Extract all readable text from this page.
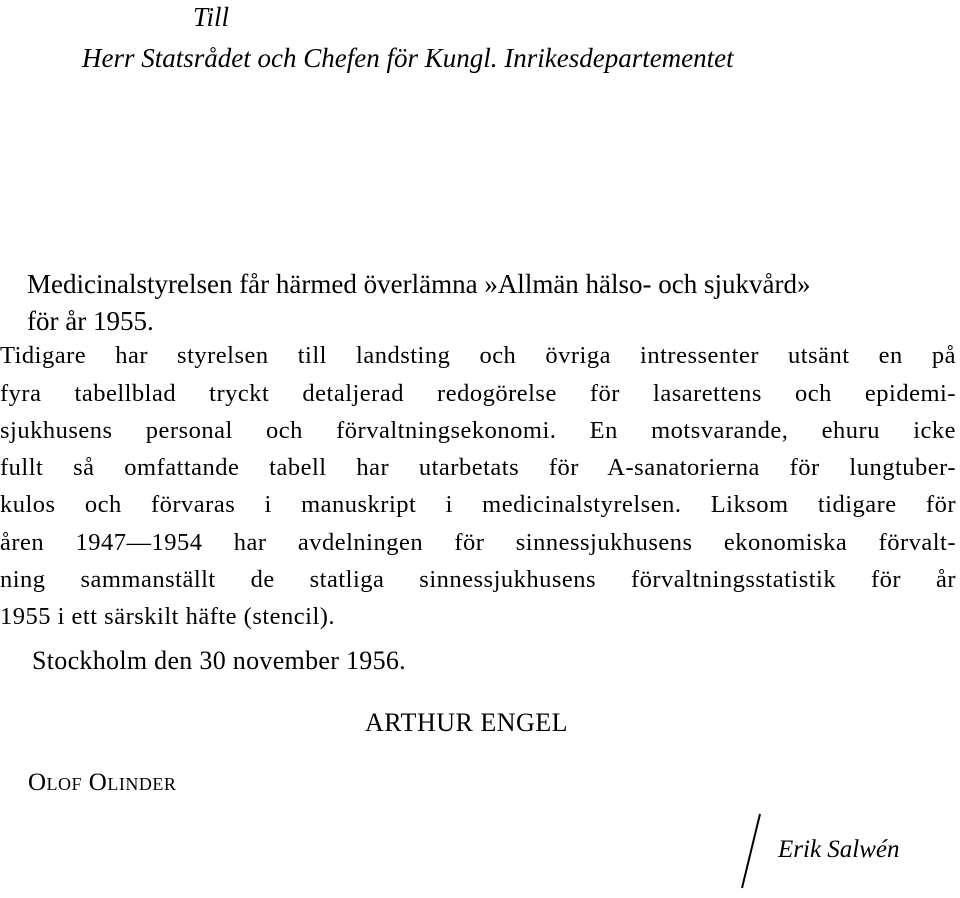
Till
Herr Statsrådet och Chefen för Kungl. Inrikesdepartementet
Medicinalstyrelsen får härmed överlämna »Allmän hälso- och sjukvård»
för år 1955.
Tidigare har styrelsen till landsting och övriga intressenter utsänt en på
fyra tabellblad tryckt detaljerad redogörelse för lasarettens och epidemi-
sjukhusens personal och förvaltningsekonomi. En motsvarande, ehuru icke
fullt så omfattande tabell har utarbetats för A-sanatorierna för lungtuber-
kulos och förvaras i manuskript i medicinalstyrelsen. Liksom tidigare för
åren 1947—1954 har avdelningen för sinnessjukhusens ekonomiska förvalt-
ning sammanställt de statliga sinnessjukhusens förvaltningsstatistik för år
1955 i ett särskilt häfte (stencil).
Stockholm den 30 november 1956.
ARTHUR ENGEL
Olof Olinder
Erik Salwén
